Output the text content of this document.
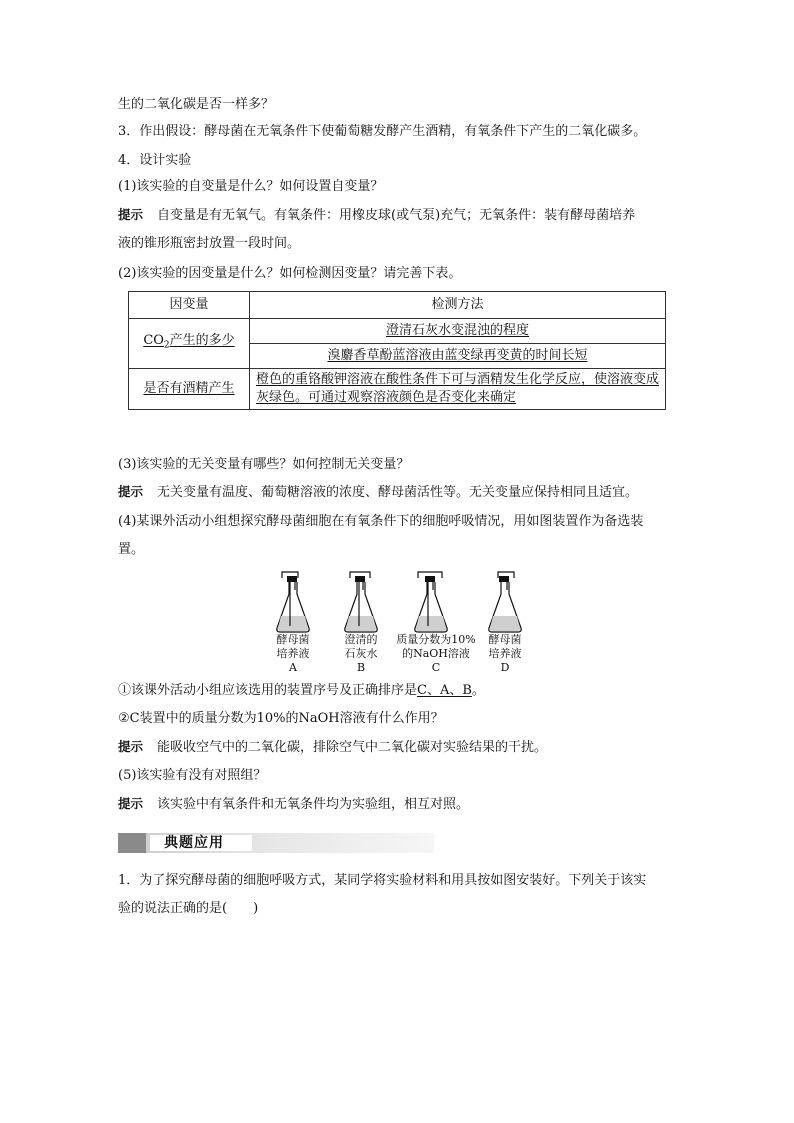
生的二氧化碳是否一样多？
3．作出假设：酵母菌在无氧条件下使葡萄糖发酵产生酒精，有氧条件下产生的二氧化碳多。
4．设计实验
(1)该实验的自变量是什么？如何设置自变量？
提示 自变量是有无氧气。有氧条件：用橡皮球(或气泵)充气；无氧条件：装有酵母菌培养
液的锥形瓶密封放置一段时间。
(2)该实验的因变量是什么？如何检测因变量？请完善下表。
因变量	检测方法
$CO_2$产生的多少	澄清石灰水变混浊的程度
	溴麝香草酚蓝溶液由蓝变绿再变黄的时间长短
是否有酒精产生	橙色的重铬酸钾溶液在酸性条件下可与酒精发生化学反应，使溶液变成灰绿色。可通过观察溶液颜色是否变化来确定
(3)该实验的无关变量有哪些？如何控制无关变量？
提示 无关变量有温度、葡萄糖溶液的浓度、酵母菌活性等。无关变量应保持相同且适宜。
(4)某课外活动小组想探究酵母菌细胞在有氧条件下的细胞呼吸情况，用如图装置作为备选装
置。
酵母菌
培养液
A
澄清的
石灰水
B
质量分数为10%
的NaOH溶液
C
酵母菌
培养液
D
①该课外活动小组应该选用的装置序号及正确排序是C、A、B。
②C装置中的质量分数为10%的NaOH溶液有什么作用？
提示 能吸收空气中的二氧化碳，排除空气中二氧化碳对实验结果的干扰。
(5)该实验有没有对照组？
提示 该实验中有氧条件和无氧条件均为实验组，相互对照。
典题应用
1．为了探究酵母菌的细胞呼吸方式，某同学将实验材料和用具按如图安装好。下列关于该实
验的说法正确的是(　　)
